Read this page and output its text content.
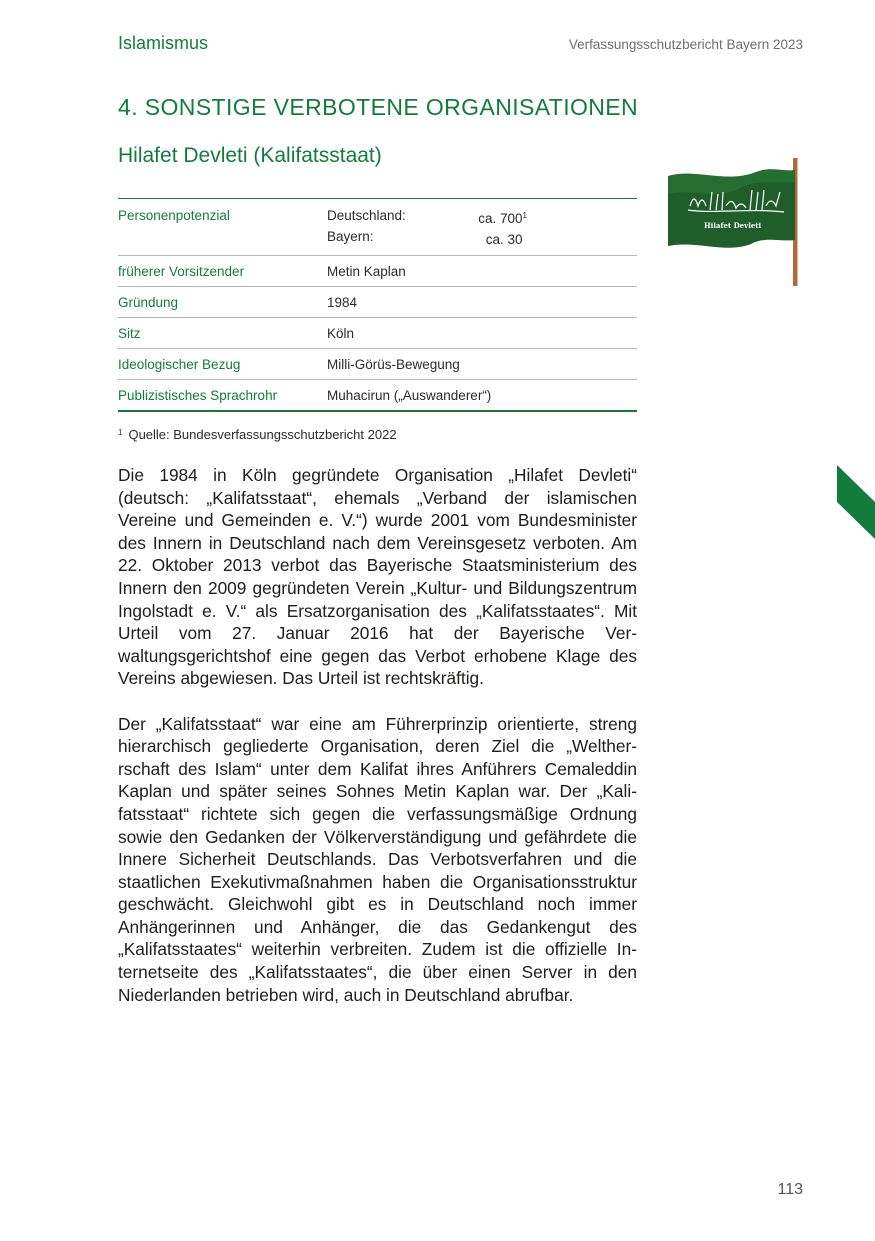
Islamismus	Verfassungsschutzbericht Bayern 2023
4. SONSTIGE VERBOTENE ORGANISATIONEN
Hilafet Devleti (Kalifatsstaat)
Personenpotenzial	Deutschland:	ca. $700^1$
Bayern:	ca. 30
früherer Vorsitzender	Metin Kaplan
Gründung	1984
Sitz	Köln
Ideologischer Bezug	Milli-Görüs-Bewegung
Publizistisches Sprachrohr	Muhacirun („Auswanderer“)
$^1$ Quelle: Bundesverfassungsschutzbericht 2022

Die 1984 in Köln gegründete Organisation „Hilafet Devleti“ (deutsch: „Kalifatsstaat“, ehemals „Verband der islamischen Vereine und Gemeinden e. V.“) wurde 2001 vom Bundesminister des Innern in Deutschland nach dem Vereinsgesetz verboten. Am 22. Oktober 2013 verbot das Bayerische Staatsministerium des Innern den 2009 gegründeten Verein „Kultur- und Bildungszentrum Ingolstadt e. V.“ als Ersatzorganisation des „Kalifatsstaates“. Mit Urteil vom 27. Januar 2016 hat der Bayerische Verwaltungsgerichtshof eine gegen das Verbot erhobene Klage des Vereins abgewiesen. Das Urteil ist rechtskräftig.

Der „Kalifatsstaat“ war eine am Führerprinzip orientierte, streng hierarchisch gegliederte Organisation, deren Ziel die „Weltherrschaft des Islam“ unter dem Kalifat ihres Anführers Cemaleddin Kaplan und später seines Sohnes Metin Kaplan war. Der „Kalifatsstaat“ richtete sich gegen die verfassungsmäßige Ordnung sowie den Gedanken der Völkerverständigung und gefährdete die Innere Sicherheit Deutschlands. Das Verbotsverfahren und die staatlichen Exekutivmaßnahmen haben die Organisationsstruktur geschwächt. Gleichwohl gibt es in Deutschland noch immer Anhängerinnen und Anhänger, die das Gedankengut des „Kalifatsstaates“ weiterhin verbreiten. Zudem ist die offizielle Internetseite des „Kalifatsstaates“, die über einen Server in den Niederlanden betrieben wird, auch in Deutschland abrufbar.

Hilafet Devleti
113
